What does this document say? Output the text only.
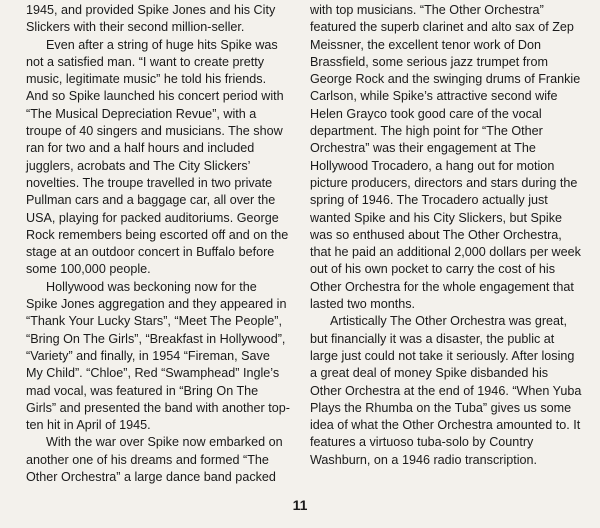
1945, and provided Spike Jones and his City Slickers with their second million-seller.

Even after a string of huge hits Spike was not a satisfied man. “I want to create pretty music, legitimate music” he told his friends. And so Spike launched his concert period with “The Musical Depreciation Revue”, with a troupe of 40 singers and musicians. The show ran for two and a half hours and included jugglers, acrobats and The City Slickers’ novelties. The troupe travelled in two private Pullman cars and a baggage car, all over the USA, playing for packed auditoriums. George Rock remembers being escorted off and on the stage at an outdoor concert in Buffalo before some 100,000 people.

Hollywood was beckoning now for the Spike Jones aggregation and they appeared in “Thank Your Lucky Stars”, “Meet The People”, “Bring On The Girls”, “Breakfast in Hollywood”, “Variety” and finally, in 1954 “Fireman, Save My Child”. “Chloe”, Red “Swamphead” Ingle’s mad vocal, was featured in “Bring On The Girls” and presented the band with another top-ten hit in April of 1945.

With the war over Spike now embarked on another one of his dreams and formed “The Other Orchestra” a large dance band packed

with top musicians. “The Other Orchestra” featured the superb clarinet and alto sax of Zep Meissner, the excellent tenor work of Don Brassfield, some serious jazz trumpet from George Rock and the swinging drums of Frankie Carlson, while Spike’s attractive second wife Helen Grayco took good care of the vocal department. The high point for “The Other Orchestra” was their engagement at The Hollywood Trocadero, a hang out for motion picture producers, directors and stars during the spring of 1946. The Trocadero actually just wanted Spike and his City Slickers, but Spike was so enthused about The Other Orchestra, that he paid an additional 2,000 dollars per week out of his own pocket to carry the cost of his Other Orchestra for the whole engagement that lasted two months.

Artistically The Other Orchestra was great, but financially it was a disaster, the public at large just could not take it seriously. After losing a great deal of money Spike disbanded his Other Orchestra at the end of 1946. “When Yuba Plays the Rhumba on the Tuba” gives us some idea of what the Other Orchestra amounted to. It features a virtuoso tuba-solo by Country Washburn, on a 1946 radio transcription.

11
